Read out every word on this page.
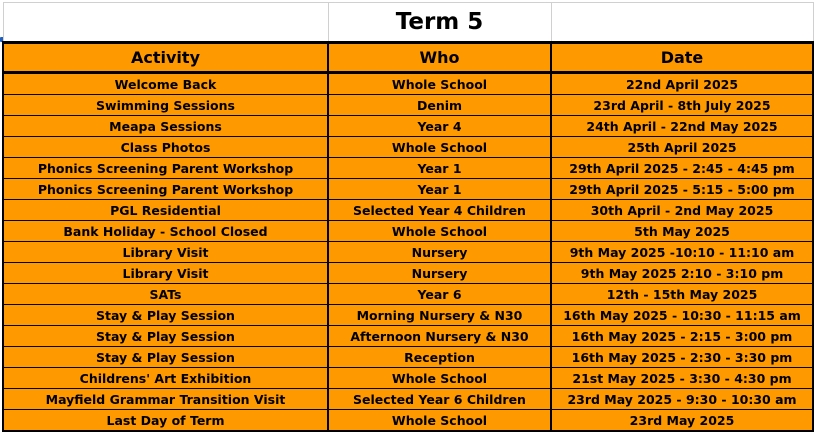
	Term 5	
Activity	Who	Date
Welcome Back	Whole School	22nd April 2025
Swimming Sessions	Denim	23rd April - 8th July 2025
Meapa Sessions	Year 4	24th April - 22nd May 2025
Class Photos	Whole School	25th April 2025
Phonics Screening Parent Workshop	Year 1	29th April 2025 - 2:45 - 4:45 pm
Phonics Screening Parent Workshop	Year 1	29th April 2025 - 5:15 - 5:00 pm
PGL Residential	Selected Year 4 Children	30th April - 2nd May 2025
Bank Holiday - School Closed	Whole School	5th May 2025
Library Visit	Nursery	9th May 2025 -10:10 - 11:10 am
Library Visit	Nursery	9th May 2025 2:10 - 3:10 pm
SATs	Year 6	12th - 15th May 2025
Stay & Play Session	Morning Nursery & N30	16th May 2025 - 10:30 - 11:15 am
Stay & Play Session	Afternoon Nursery & N30	16th May 2025 - 2:15 - 3:00 pm
Stay & Play Session	Reception	16th May 2025 - 2:30 - 3:30 pm
Childrens' Art Exhibition	Whole School	21st May 2025 - 3:30 - 4:30 pm
Mayfield Grammar Transition Visit	Selected Year 6 Children	23rd May 2025 - 9:30 - 10:30 am
Last Day of Term	Whole School	23rd May 2025
